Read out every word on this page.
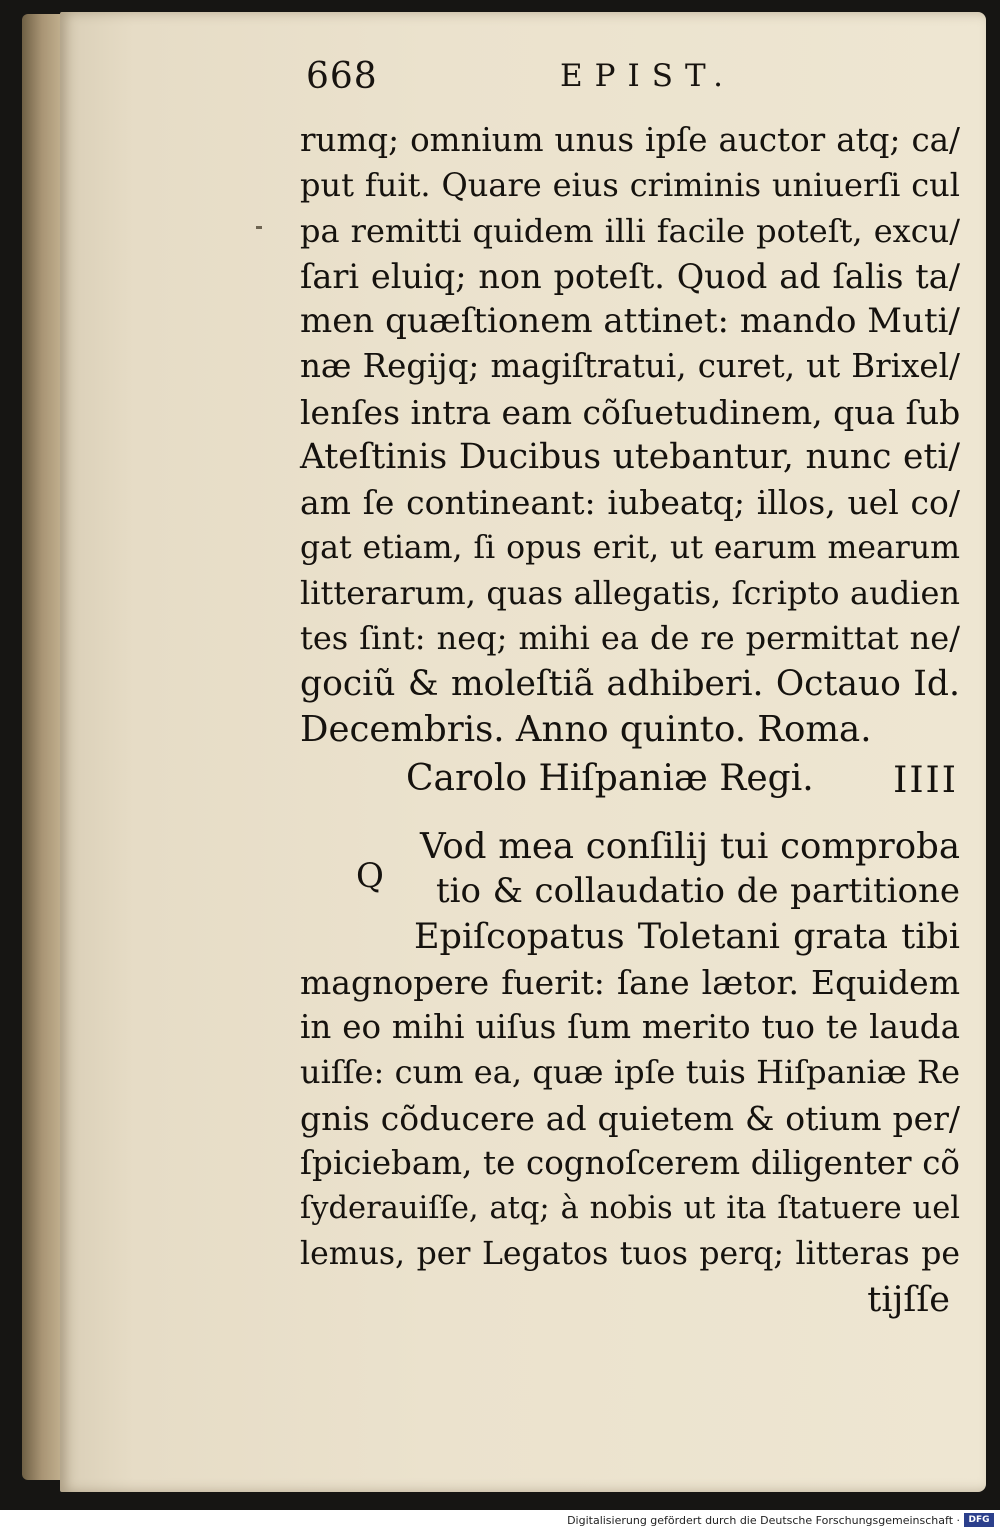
668	EPIST.
rumq; omnium unus ipſe auctor atq; ca/
put fuit. Quare eius criminis uniuerſi cul
pa remitti quidem illi facile poteſt, excu/
ſari eluiq; non poteſt. Quod ad ſalis ta/
men quæſtionem attinet: mando Muti/
næ Regijq; magiſtratui, curet, ut Brixel/
lenſes intra eam cõſuetudinem, qua ſub
Ateſtinis Ducibus utebantur, nunc eti/
am ſe contineant: iubeatq; illos, uel co/
gat etiam, ſi opus erit, ut earum mearum
litterarum, quas allegatis, ſcripto audien
tes ſint: neq; mihi ea de re permittat ne/
gociũ & moleſtiã adhiberi. Octauo Id.
Decembris. Anno quinto. Roma.
Carolo Hiſpaniæ Regi. IIII
Q
Vod mea conſilij tui comproba
tio & collaudatio de partitione
Epiſcopatus Toletani grata tibi
magnopere fuerit: ſane lætor. Equidem
in eo mihi uiſus ſum merito tuo te lauda
uiſſe: cum ea, quæ ipſe tuis Hiſpaniæ Re
gnis cõducere ad quietem & otium per/
ſpiciebam, te cognoſcerem diligenter cõ
ſyderauiſſe, atq; à nobis ut ita ſtatuere uel
lemus, per Legatos tuos perq; litteras pe
tijſſe
Digitalisierung gefördert durch die Deutsche Forschungsgemeinschaft · DFG
